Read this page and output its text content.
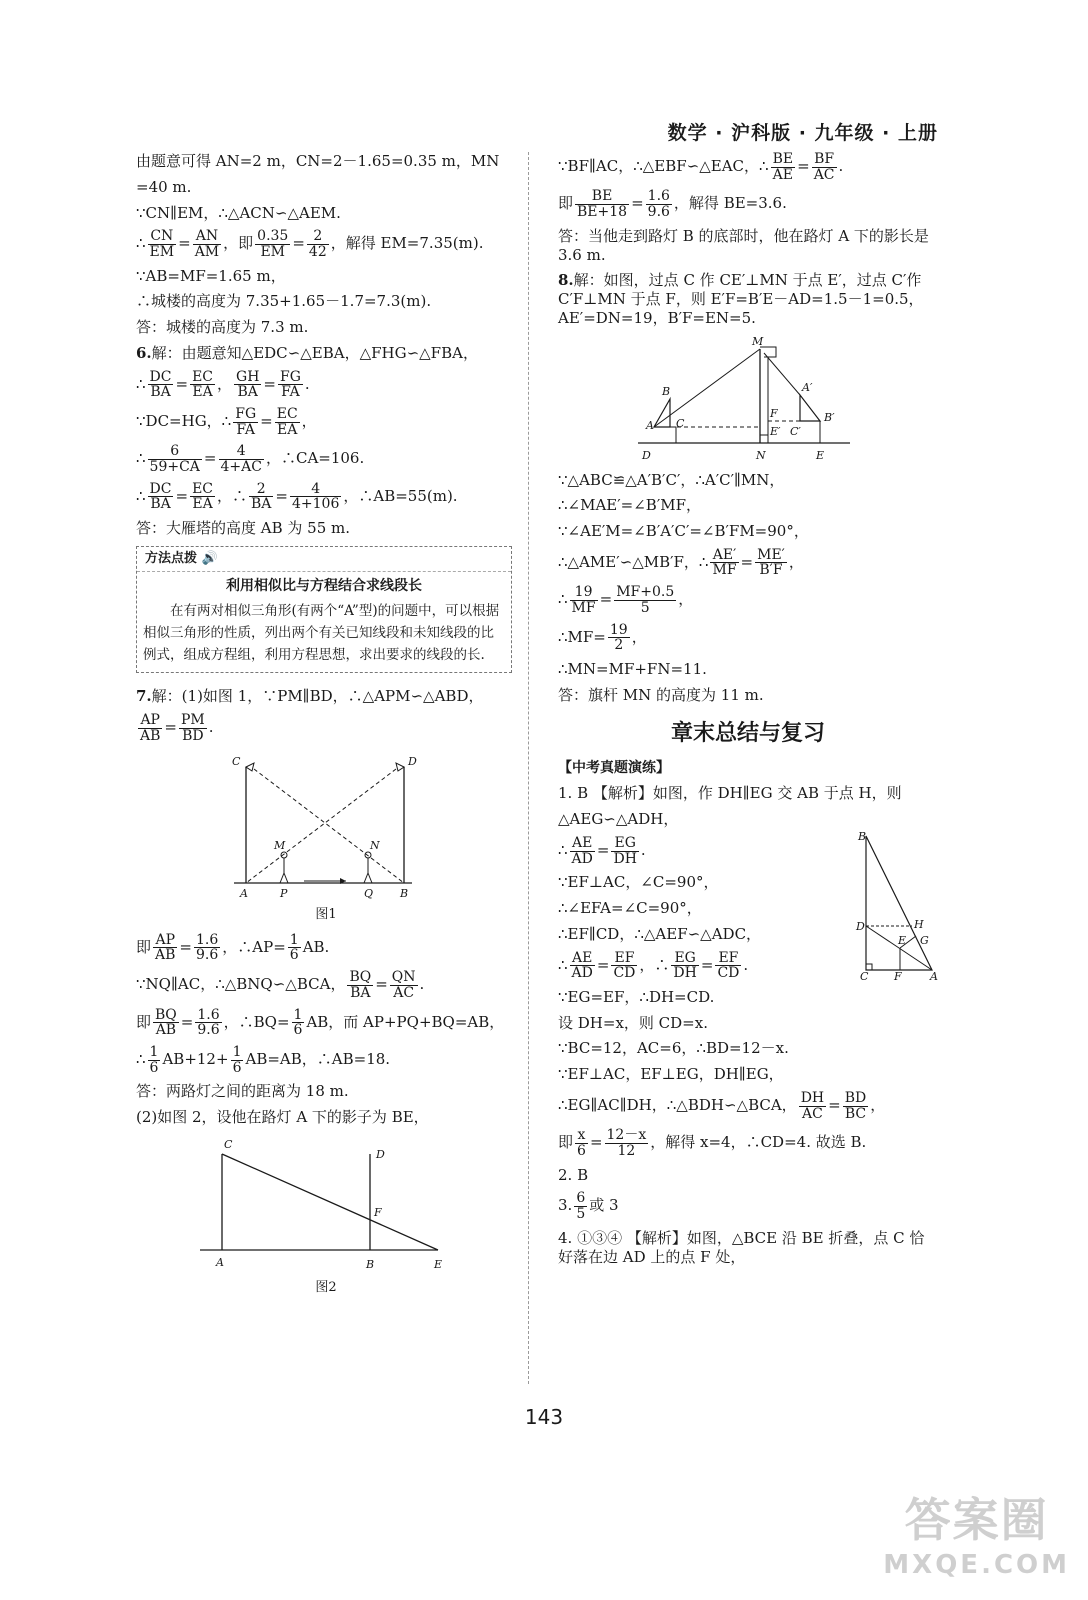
数学 · 沪科版 · 九年级 · 上册
由题意可得 AN=2 m，CN=2－1.65=0.35 m，MN
=40 m.
∵CN∥EM，∴△ACN∽△AEM.
∴ $\frac{CN}{EM} = \frac{AN}{AM}$ ，即 $\frac{0.35}{EM} = \frac{2}{42}$ ，解得 EM=7.35(m).
∵AB=MF=1.65 m，
∴城楼的高度为 7.35+1.65－1.7=7.3(m).
答：城楼的高度为 7.3 m.
6.解：由题意知△EDC∽△EBA，△FHG∽△FBA，
∴ $\frac{DC}{BA} = \frac{EC}{EA}$ ， $\frac{GH}{BA} = \frac{FG}{FA}$ .
∵DC=HG，∴ $\frac{FG}{FA} = \frac{EC}{EA}$ ，
∴ $\frac{6}{59+CA} = \frac{4}{4+AC}$ ，∴CA=106.
∴ $\frac{DC}{BA} = \frac{EC}{EA}$ ，∴ $\frac{2}{BA} = \frac{4}{4+106}$ ，∴AB=55(m).
答：大雁塔的高度 AB 为 55 m.
方法点拨 🔊
利用相似比与方程结合求线段长
在有两对相似三角形(有两个“A”型)的问题中，可以根据相似三角形的性质，列出两个有关已知线段和未知线段的比例式，组成方程组，利用方程思想，求出要求的线段的长.
7.解：(1)如图 1，∵PM∥BD，∴△APM∽△ABD，
$\frac{AP}{AB} = \frac{PM}{BD}$ .
C	D
M	N
A	P	Q B
图1
即 $\frac{AP}{AB} = \frac{1.6}{9.6}$ ，∴AP= $\frac{1}{6}$ AB.
∵NQ∥AC，∴△BNQ∽△BCA， $\frac{BQ}{BA} = \frac{QN}{AC}$ .
即 $\frac{BQ}{AB} = \frac{1.6}{9.6}$ ，∴BQ= $\frac{1}{6}$ AB，而 AP+PQ+BQ=AB，
∴ $\frac{1}{6} AB+12+ \frac{1}{6} AB=AB$，∴AB=18.
答：两路灯之间的距离为 18 m.
(2)如图 2，设他在路灯 A 下的影子为 BE，
C
D
F
A	B	E
图2
∵BF∥AC，∴△EBF∽△EAC，∴ $\frac{BE}{AE} = \frac{BF}{AC}$ .
即 $\frac{BE}{BE+18} = \frac{1.6}{9.6}$ ，解得 BE=3.6.
答：当他走到路灯 B 的底部时，他在路灯 A 下的影长是3.6 m.
8.解：如图，过点 C 作 CE′⊥MN 于点 E′，过点 C′作 C′F⊥MN 于点 F，则 E′F=B′E－AD=1.5－1=0.5，AE′=DN=19，B′F=EN=5.
M
B
A C
A′
B′
F
E′ C′
D	N	E
∵△ABC≌△A′B′C′，∴A′C′∥MN，
∴∠MAE′=∠B′MF，
∵∠AE′M=∠B′A′C′=∠B′FM=90°，
∴△AME′∽△MB′F，∴ $\frac{AE'}{MF} = \frac{ME'}{B'F}$ ，
∴ $\frac{19}{MF} = \frac{MF+0.5}{5}$ ，
∴MF= $\frac{19}{2}$ ，
∴MN=MF+FN=11.
答：旗杆 MN 的高度为 11 m.
章末总结与复习
【中考真题演练】
B
D	H
E G
C F	A
1. B 【解析】如图，作 DH∥EG 交 AB 于点 H，则
△AEG∽△ADH，
∴ $\frac{AE}{AD} = \frac{EG}{DH}$ .
∵EF⊥AC，∠C=90°，
∴∠EFA=∠C=90°，
∴EF∥CD，∴△AEF∽△ADC，
∴ $\frac{AE}{AD} = \frac{EF}{CD}$ ，∴ $\frac{EG}{DH} = \frac{EF}{CD}$ .
∵EG=EF，∴DH=CD.
设 DH=x，则 CD=x.
∵BC=12，AC=6，∴BD=12－x.
∵EF⊥AC，EF⊥EG，DH∥EG，
∴EG∥AC∥DH，∴△BDH∽△BCA， $\frac{DH}{AC} = \frac{BD}{BC}$ ，
即 $\frac{x}{6} = \frac{12-x}{12}$ ，解得 x=4，∴CD=4. 故选 B.
2. B
3. $\frac{6}{5}$ 或 3
4. ①③④ 【解析】如图，△BCE 沿 BE 折叠，点 C 恰好落在边 AD 上的点 F 处，
143
答案圈
MXQE.COM
